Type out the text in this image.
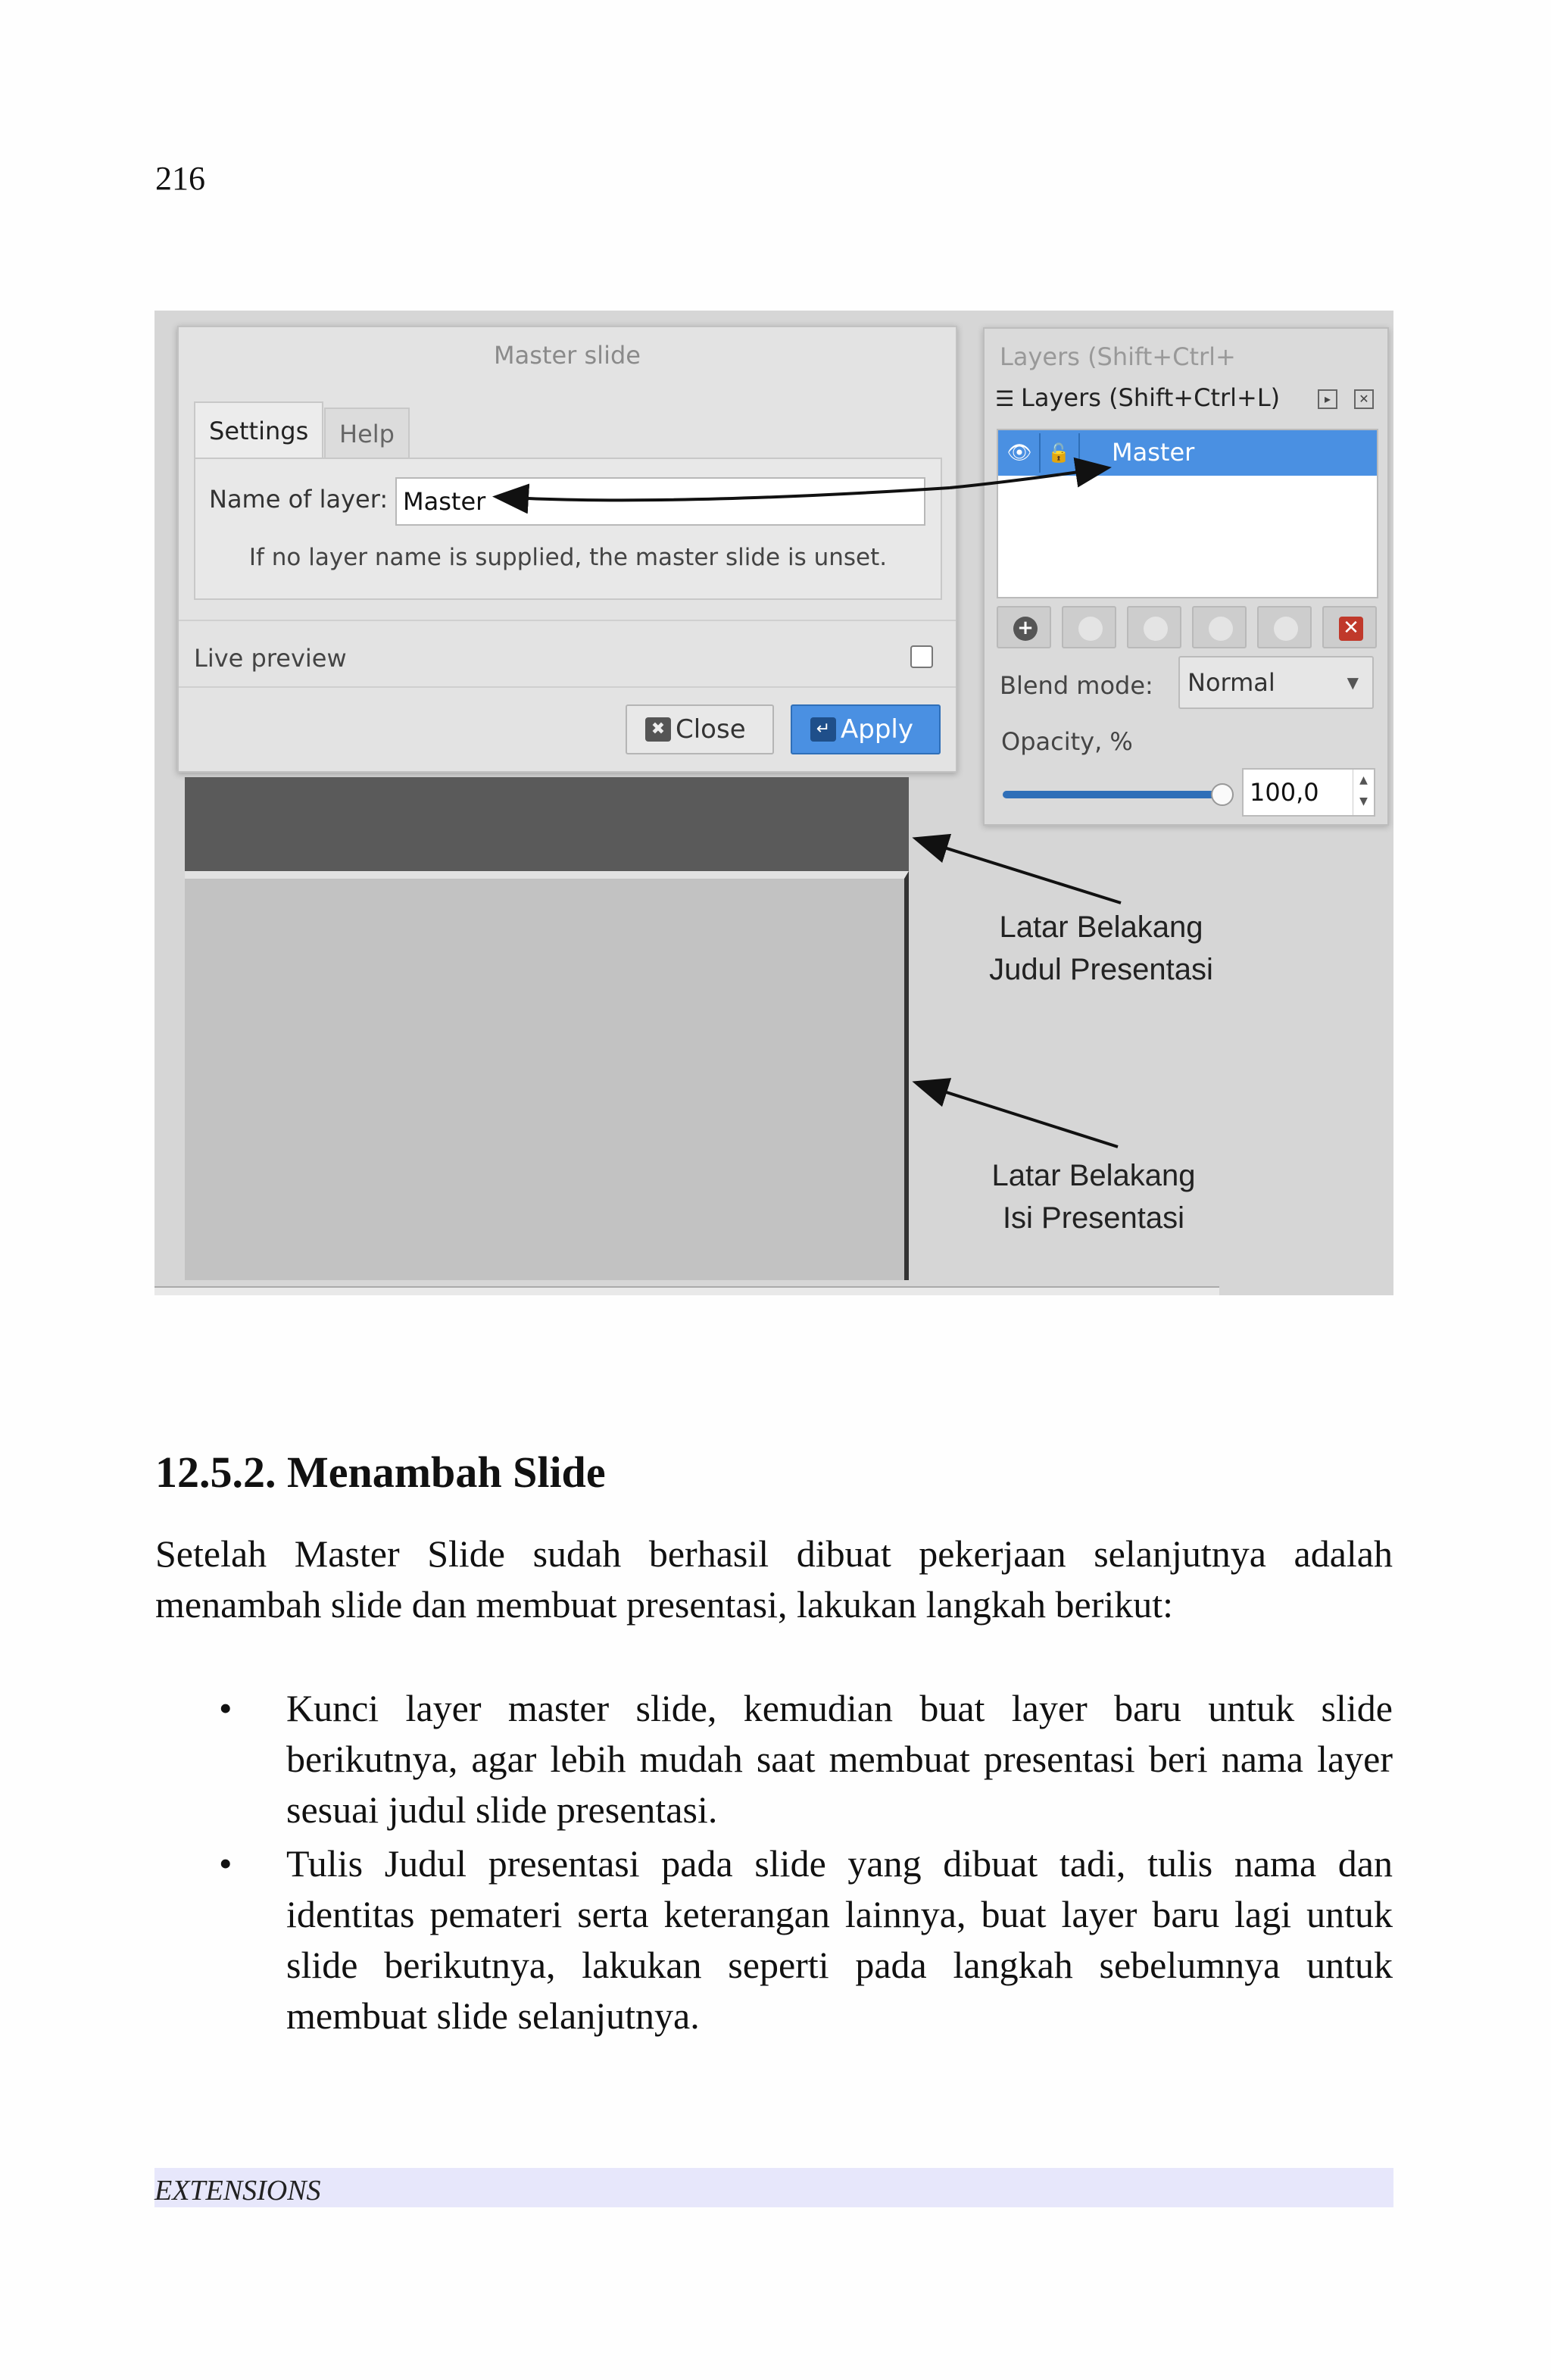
216
Master slide
Settings	Help
Name of layer: Master
If no layer name is supplied, the master slide is unset.
Live preview
✖ Close	↵ Apply
Layers (Shift+Ctrl+
☰ Layers (Shift+Ctrl+L)	▸	✕
👁 🔓 Master
+	✕
Blend mode:	Normal	▼
Opacity, %
100,0	▲
▼
Latar Belakang
Judul Presentasi
Latar Belakang
Isi Presentasi
12.5.2. Menambah Slide

Setelah Master Slide sudah berhasil dibuat pekerjaan selanjutnya adalah menambah slide dan membuat presentasi, lakukan langkah berikut:

• Kunci layer master slide, kemudian buat layer baru untuk slide berikutnya, agar lebih mudah saat membuat presentasi beri nama layer sesuai judul slide presentasi.
• Tulis Judul presentasi pada slide yang dibuat tadi, tulis nama dan identitas pemateri serta keterangan lainnya, buat layer baru lagi untuk slide berikutnya, lakukan seperti pada langkah sebelumnya untuk membuat slide selanjutnya.
EXTENSIONS
